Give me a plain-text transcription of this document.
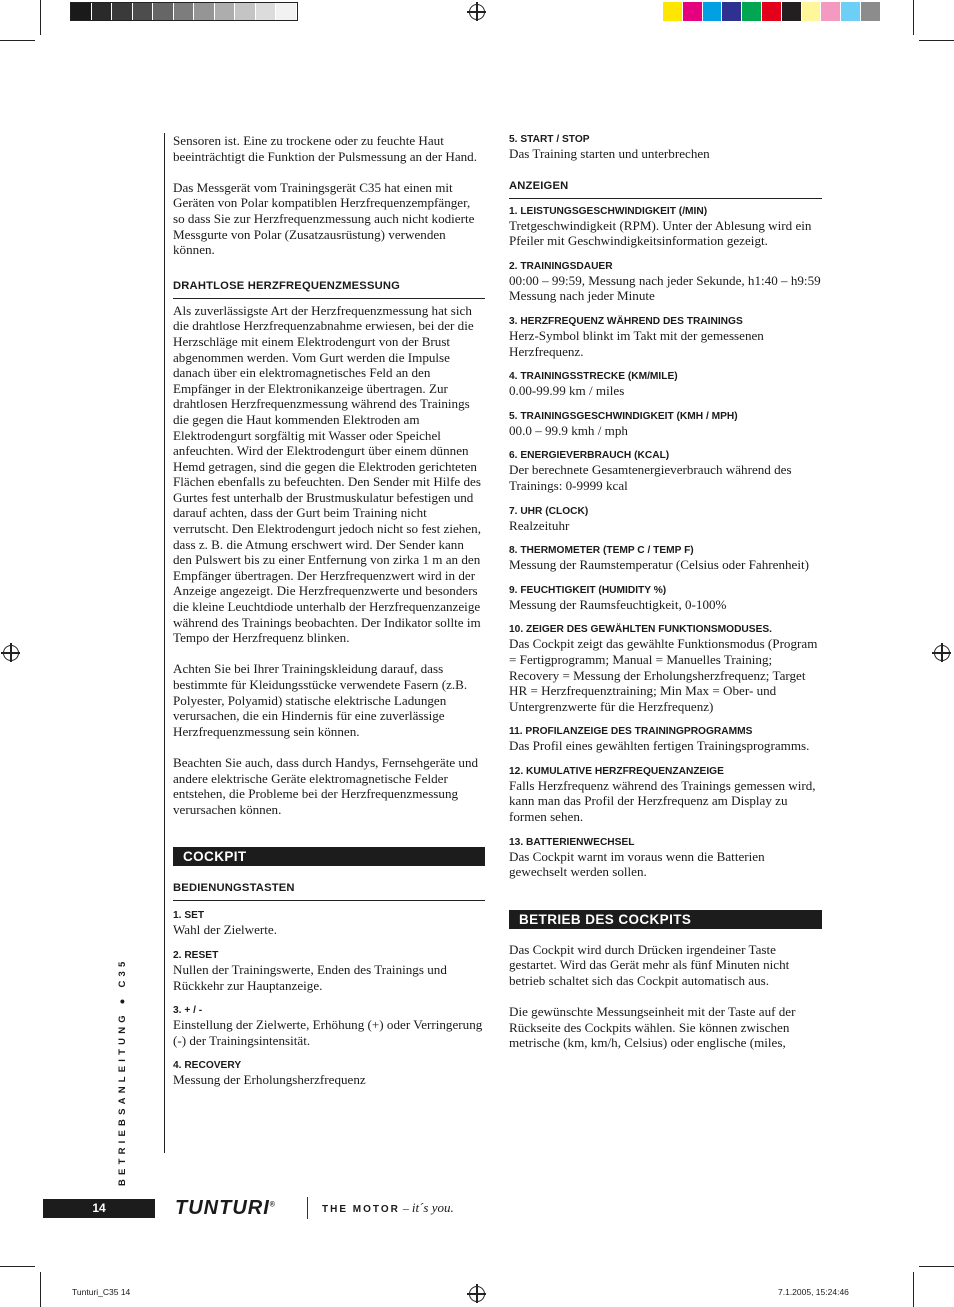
Sensoren ist. Eine zu trockene oder zu feuchte Haut beeinträchtigt die Funktion der Pulsmessung an der Hand.

Das Messgerät vom Trainingsgerät C35 hat einen mit Geräten von Polar kompatiblen Herzfrequenzempfänger, so dass Sie zur Herzfrequenzmessung auch nicht kodierte Messgurte von Polar (Zusatzausrüstung) verwenden können.

DRAHTLOSE HERZFREQUENZMESSUNG

Als zuverlässigste Art der Herzfrequenzmessung hat sich die drahtlose Herzfrequenzabnahme erwiesen, bei der die Herzschläge mit einem Elektrodengurt von der Brust abgenommen werden. Vom Gurt werden die Impulse danach über ein elektromagnetisches Feld an den Empfänger in der Elektronikanzeige übertragen. Zur drahtlosen Herzfrequenzmessung während des Trainings die gegen die Haut kommenden Elektroden am Elektrodengurt sorgfältig mit Wasser oder Speichel anfeuchten. Wird der Elektrodengurt über einem dünnen Hemd getragen, sind die gegen die Elektroden gerichteten Flächen ebenfalls zu befeuchten. Den Sender mit Hilfe des Gurtes fest unterhalb der Brustmuskulatur befestigen und darauf achten, dass der Gurt beim Training nicht verrutscht. Den Elektrodengurt jedoch nicht so fest ziehen, dass z. B. die Atmung erschwert wird. Der Sender kann den Pulswert bis zu einer Entfernung von zirka 1 m an den Empfänger übertragen. Der Herzfrequenzwert wird in der Anzeige angezeigt. Die Herzfrequenzwerte und besonders die kleine Leuchtdiode unterhalb der Herzfrequenzanzeige während des Trainings beobachten. Der Indikator sollte im Tempo der Herzfrequenz blinken.

Achten Sie bei Ihrer Trainingskleidung darauf, dass bestimmte für Kleidungsstücke verwendete Fasern (z.B. Polyester, Polyamid) statische elektrische Ladungen verursachen, die ein Hindernis für eine zuverlässige Herzfrequenzmessung sein können.

Beachten Sie auch, dass durch Handys, Fernsehgeräte und andere elektrische Geräte elektromagnetische Felder entstehen, die Probleme bei der Herzfrequenzmessung verursachen können.

COCKPIT
BEDIENUNGSTASTEN
1. SET

Wahl der Zielwerte.

2. RESET

Nullen der Trainingswerte, Enden des Trainings und Rückkehr zur Hauptanzeige.

3. + / -

Einstellung der Zielwerte, Erhöhung (+) oder Verringerung (-) der Trainingsintensität.

4. RECOVERY

Messung der Erholungsherzfrequenz

5. START / STOP

Das Training starten und unterbrechen

ANZEIGEN
1. LEISTUNGSGESCHWINDIGKEIT (/MIN)

Tretgeschwindigkeit (RPM). Unter der Ablesung wird ein Pfeiler mit Geschwindigkeitsinformation gezeigt.

2. TRAININGSDAUER

00:00 – 99:59, Messung nach jeder Sekunde, h1:40 – h9:59 Messung nach jeder Minute

3. HERZFREQUENZ WÄHREND DES TRAININGS

Herz-Symbol blinkt im Takt mit der gemessenen Herzfrequenz.

4. TRAININGSSTRECKE (KM/MILE)

0.00-99.99 km / miles

5. TRAININGSGESCHWINDIGKEIT (KMH / MPH)

00.0 – 99.9 kmh / mph

6. ENERGIEVERBRAUCH (KCAL)

Der berechnete Gesamtenergieverbrauch während des Trainings: 0-9999 kcal

7. UHR (CLOCK)

Realzeituhr

8. THERMOMETER (TEMP C / TEMP F)

Messung der Raumstemperatur (Celsius oder Fahrenheit)

9. FEUCHTIGKEIT (HUMIDITY %)

Messung der Raumsfeuchtigkeit, 0-100%

10. ZEIGER DES GEWÄHLTEN FUNKTIONSMODUSES.

Das Cockpit zeigt das gewählte Funktionsmodus (Program = Fertigprogramm; Manual = Manuelles Training; Recovery = Messung der Erholungsherzfrequenz; Target HR = Herzfrequenztraining; Min Max = Ober- und Untergrenzwerte für die Herzfrequenz)

11. PROFILANZEIGE DES TRAININGPROGRAMMS

Das Profil eines gewählten fertigen Trainingsprogramms.

12. KUMULATIVE HERZFREQUENZANZEIGE

Falls Herzfrequenz während des Trainings gemessen wird, kann man das Profil der Herzfrequenz am Display zu formen sehen.

13. BATTERIENWECHSEL

Das Cockpit warnt im voraus wenn die Batterien gewechselt werden sollen.

BETRIEB DES COCKPITS

Das Cockpit wird durch Drücken irgendeiner Taste gestartet. Wird das Gerät mehr als fünf Minuten nicht betrieb schaltet sich das Cockpit automatisch aus.

Die gewünschte Messungseinheit mit der Taste auf der Rückseite des Cockpits wählen. Sie können zwischen metrische (km, km/h, Celsius) oder englische (miles,

BETRIEBSANLEITUNG ● C35
14	TUNTURI®	THE MOTOR – it´s you.
Tunturi_C35 14	7.1.2005, 15:24:46
